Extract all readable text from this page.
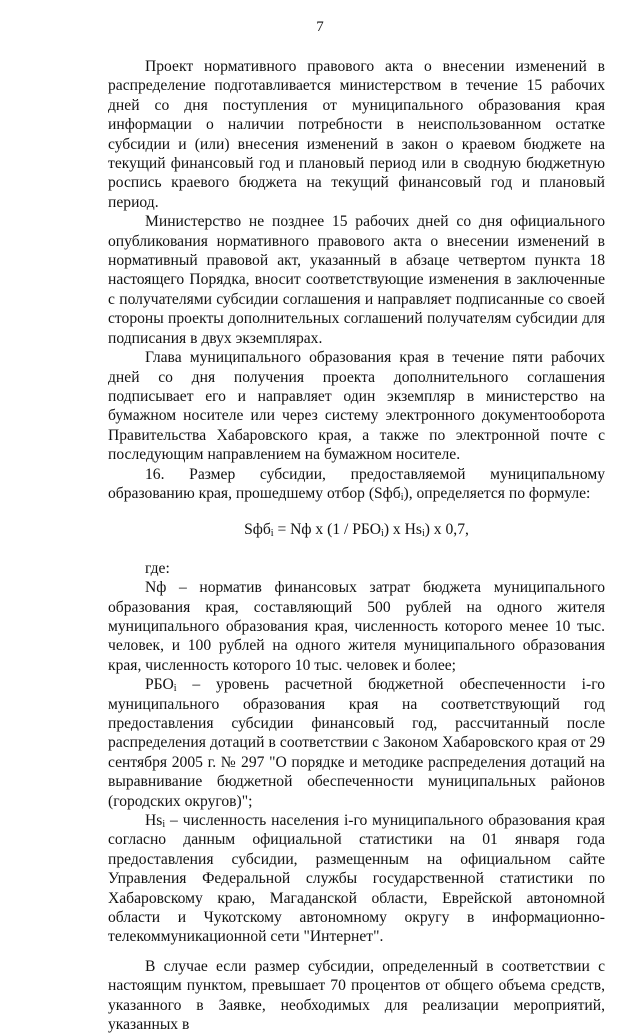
7

Проект нормативного правового акта о внесении изменений в распределение подготавливается министерством в течение 15 рабочих дней со дня поступления от муниципального образования края информации о наличии потребности в неиспользованном остатке субсидии и (или) внесения изменений в закон о краевом бюджете на текущий финансовый год и плановый период или в сводную бюджетную роспись краевого бюджета на текущий финансовый год и плановый период.

Министерство не позднее 15 рабочих дней со дня официального опубликования нормативного правового акта о внесении изменений в нормативный правовой акт, указанный в абзаце четвертом пункта 18 настоящего Порядка, вносит соответствующие изменения в заключенные с получателями субсидии соглашения и направляет подписанные со своей стороны проекты дополнительных соглашений получателям субсидии для подписания в двух экземплярах.

Глава муниципального образования края в течение пяти рабочих дней со дня получения проекта дополнительного соглашения подписывает его и направляет один экземпляр в министерство на бумажном носителе или через систему электронного документооборота Правительства Хабаровского края, а также по электронной почте с последующим направлением на бумажном носителе.

16. Размер субсидии, предоставляемой муниципальному образованию края, прошедшему отбор (Sфб$_i$), определяется по формуле:

Sфб$_i$ = Nф x $(1 / РБО_i)$ x $Hs_i$) x 0,7,

где:

Nф – норматив финансовых затрат бюджета муниципального образования края, составляющий 500 рублей на одного жителя муниципального образования края, численность которого менее 10 тыс. человек, и 100 рублей на одного жителя муниципального образования края, численность которого 10 тыс. человек и более;

$РБО_i$ – уровень расчетной бюджетной обеспеченности i-го муниципального образования края на соответствующий год предоставления субсидии финансовый год, рассчитанный после распределения дотаций в соответствии с Законом Хабаровского края от 29 сентября 2005 г. № 297 "О порядке и методике распределения дотаций на выравнивание бюджетной обеспеченности муниципальных районов (городских округов)";

$Hs_i$ – численность населения i-го муниципального образования края согласно данным официальной статистики на 01 января года предоставления субсидии, размещенным на официальном сайте Управления Федеральной службы государственной статистики по Хабаровскому краю, Магаданской области, Еврейской автономной области и Чукотскому автономному округу в информационно-телекоммуникационной сети "Интернет".

В случае если размер субсидии, определенный в соответствии с настоящим пунктом, превышает 70 процентов от общего объема средств, указанного в Заявке, необходимых для реализации мероприятий, указанных в
